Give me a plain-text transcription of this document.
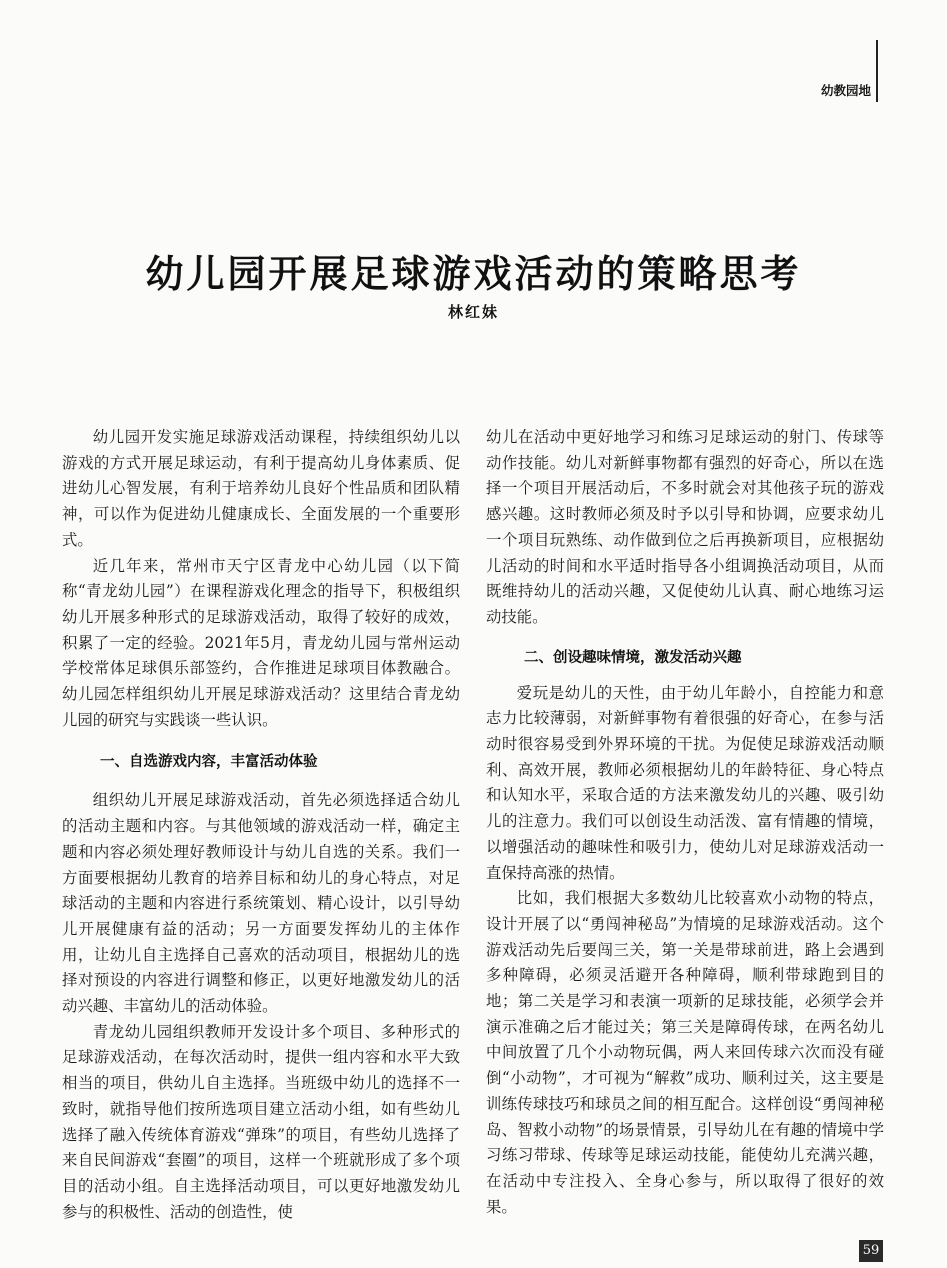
幼教园地
幼儿园开展足球游戏活动的策略思考
林红妹

幼儿园开发实施足球游戏活动课程，持续组织幼儿以游戏的方式开展足球运动，有利于提高幼儿身体素质、促进幼儿心智发展，有利于培养幼儿良好个性品质和团队精神，可以作为促进幼儿健康成长、全面发展的一个重要形式。

近几年来，常州市天宁区青龙中心幼儿园（以下简称“青龙幼儿园”）在课程游戏化理念的指导下，积极组织幼儿开展多种形式的足球游戏活动，取得了较好的成效，积累了一定的经验。2021年5月，青龙幼儿园与常州运动学校常体足球俱乐部签约，合作推进足球项目体教融合。幼儿园怎样组织幼儿开展足球游戏活动？这里结合青龙幼儿园的研究与实践谈一些认识。

一、自选游戏内容，丰富活动体验

组织幼儿开展足球游戏活动，首先必须选择适合幼儿的活动主题和内容。与其他领域的游戏活动一样，确定主题和内容必须处理好教师设计与幼儿自选的关系。我们一方面要根据幼儿教育的培养目标和幼儿的身心特点，对足球活动的主题和内容进行系统策划、精心设计，以引导幼儿开展健康有益的活动；另一方面要发挥幼儿的主体作用，让幼儿自主选择自己喜欢的活动项目，根据幼儿的选择对预设的内容进行调整和修正，以更好地激发幼儿的活动兴趣、丰富幼儿的活动体验。

青龙幼儿园组织教师开发设计多个项目、多种形式的足球游戏活动，在每次活动时，提供一组内容和水平大致相当的项目，供幼儿自主选择。当班级中幼儿的选择不一致时，就指导他们按所选项目建立活动小组，如有些幼儿选择了融入传统体育游戏“弹珠”的项目，有些幼儿选择了来自民间游戏“套圈”的项目，这样一个班就形成了多个项目的活动小组。自主选择活动项目，可以更好地激发幼儿参与的积极性、活动的创造性，使

幼儿在活动中更好地学习和练习足球运动的射门、传球等动作技能。幼儿对新鲜事物都有强烈的好奇心，所以在选择一个项目开展活动后，不多时就会对其他孩子玩的游戏感兴趣。这时教师必须及时予以引导和协调，应要求幼儿一个项目玩熟练、动作做到位之后再换新项目，应根据幼儿活动的时间和水平适时指导各小组调换活动项目，从而既维持幼儿的活动兴趣，又促使幼儿认真、耐心地练习运动技能。

二、创设趣味情境，激发活动兴趣

爱玩是幼儿的天性，由于幼儿年龄小，自控能力和意志力比较薄弱，对新鲜事物有着很强的好奇心，在参与活动时很容易受到外界环境的干扰。为促使足球游戏活动顺利、高效开展，教师必须根据幼儿的年龄特征、身心特点和认知水平，采取合适的方法来激发幼儿的兴趣、吸引幼儿的注意力。我们可以创设生动活泼、富有情趣的情境，以增强活动的趣味性和吸引力，使幼儿对足球游戏活动一直保持高涨的热情。

比如，我们根据大多数幼儿比较喜欢小动物的特点，设计开展了以“勇闯神秘岛”为情境的足球游戏活动。这个游戏活动先后要闯三关，第一关是带球前进，路上会遇到多种障碍，必须灵活避开各种障碍，顺利带球跑到目的地；第二关是学习和表演一项新的足球技能，必须学会并演示准确之后才能过关；第三关是障碍传球，在两名幼儿中间放置了几个小动物玩偶，两人来回传球六次而没有碰倒“小动物”，才可视为“解救”成功、顺利过关，这主要是训练传球技巧和球员之间的相互配合。这样创设“勇闯神秘岛、智救小动物”的场景情景，引导幼儿在有趣的情境中学习练习带球、传球等足球运动技能，能使幼儿充满兴趣，在活动中专注投入、全身心参与，所以取得了很好的效果。

59
